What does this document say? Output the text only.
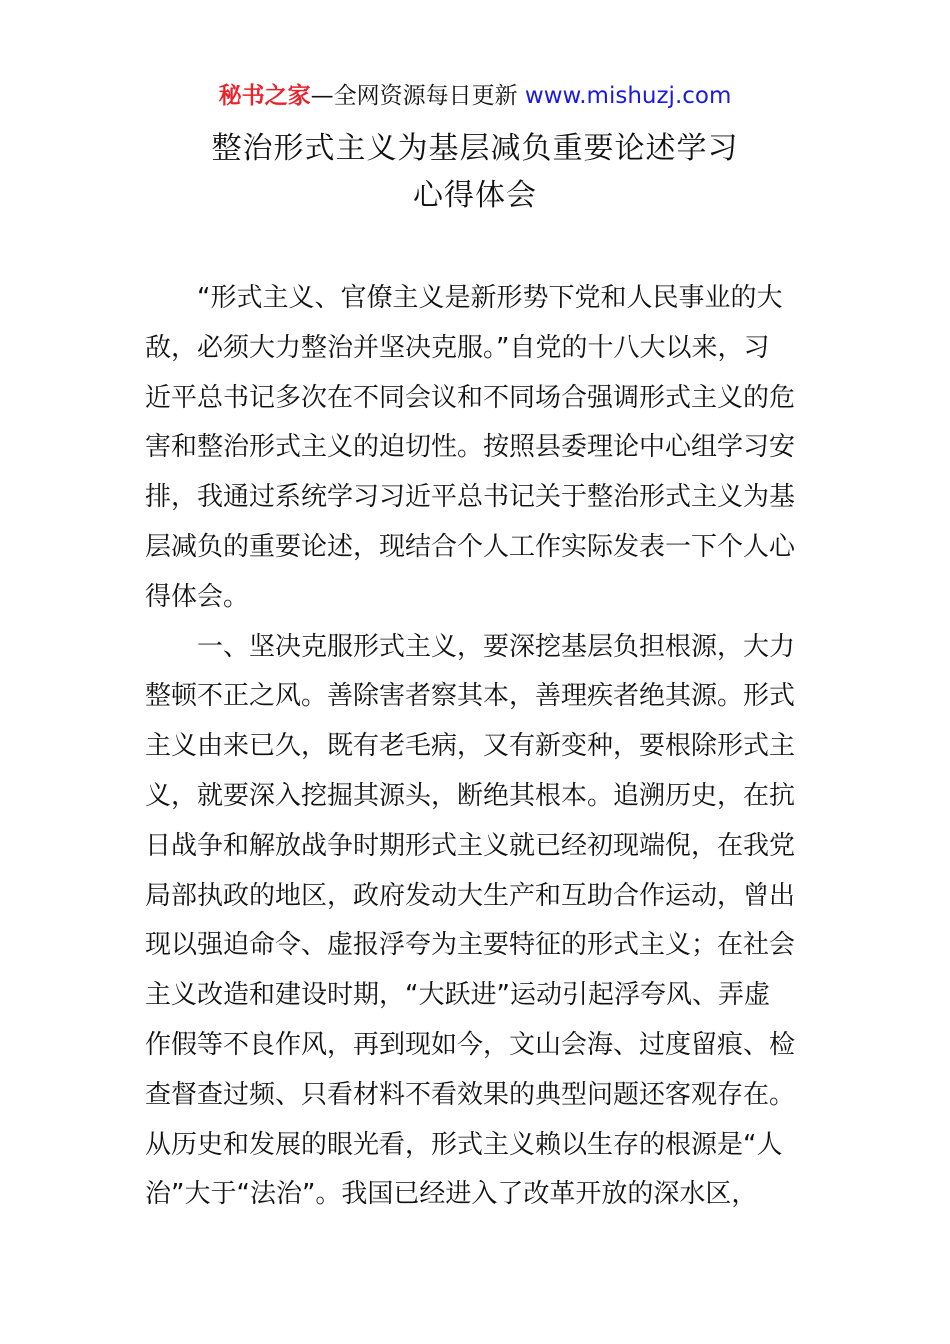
秘书之家—全网资源每日更新 www.mishuzj.com
整治形式主义为基层减负重要论述学习
心得体会
“形式主义、官僚主义是新形势下党和人民事业的大
敌，必须大力整治并坚决克服。”自党的十八大以来，习
近平总书记多次在不同会议和不同场合强调形式主义的危
害和整治形式主义的迫切性。按照县委理论中心组学习安
排，我通过系统学习习近平总书记关于整治形式主义为基
层减负的重要论述，现结合个人工作实际发表一下个人心
得体会。
一、坚决克服形式主义，要深挖基层负担根源，大力
整顿不正之风。善除害者察其本，善理疾者绝其源。形式
主义由来已久，既有老毛病，又有新变种，要根除形式主
义，就要深入挖掘其源头，断绝其根本。追溯历史，在抗
日战争和解放战争时期形式主义就已经初现端倪，在我党
局部执政的地区，政府发动大生产和互助合作运动，曾出
现以强迫命令、虚报浮夸为主要特征的形式主义；在社会
主义改造和建设时期，“大跃进”运动引起浮夸风、弄虚
作假等不良作风，再到现如今，文山会海、过度留痕、检
查督查过频、只看材料不看效果的典型问题还客观存在。
从历史和发展的眼光看，形式主义赖以生存的根源是“人
治”大于“法治”。我国已经进入了改革开放的深水区，
